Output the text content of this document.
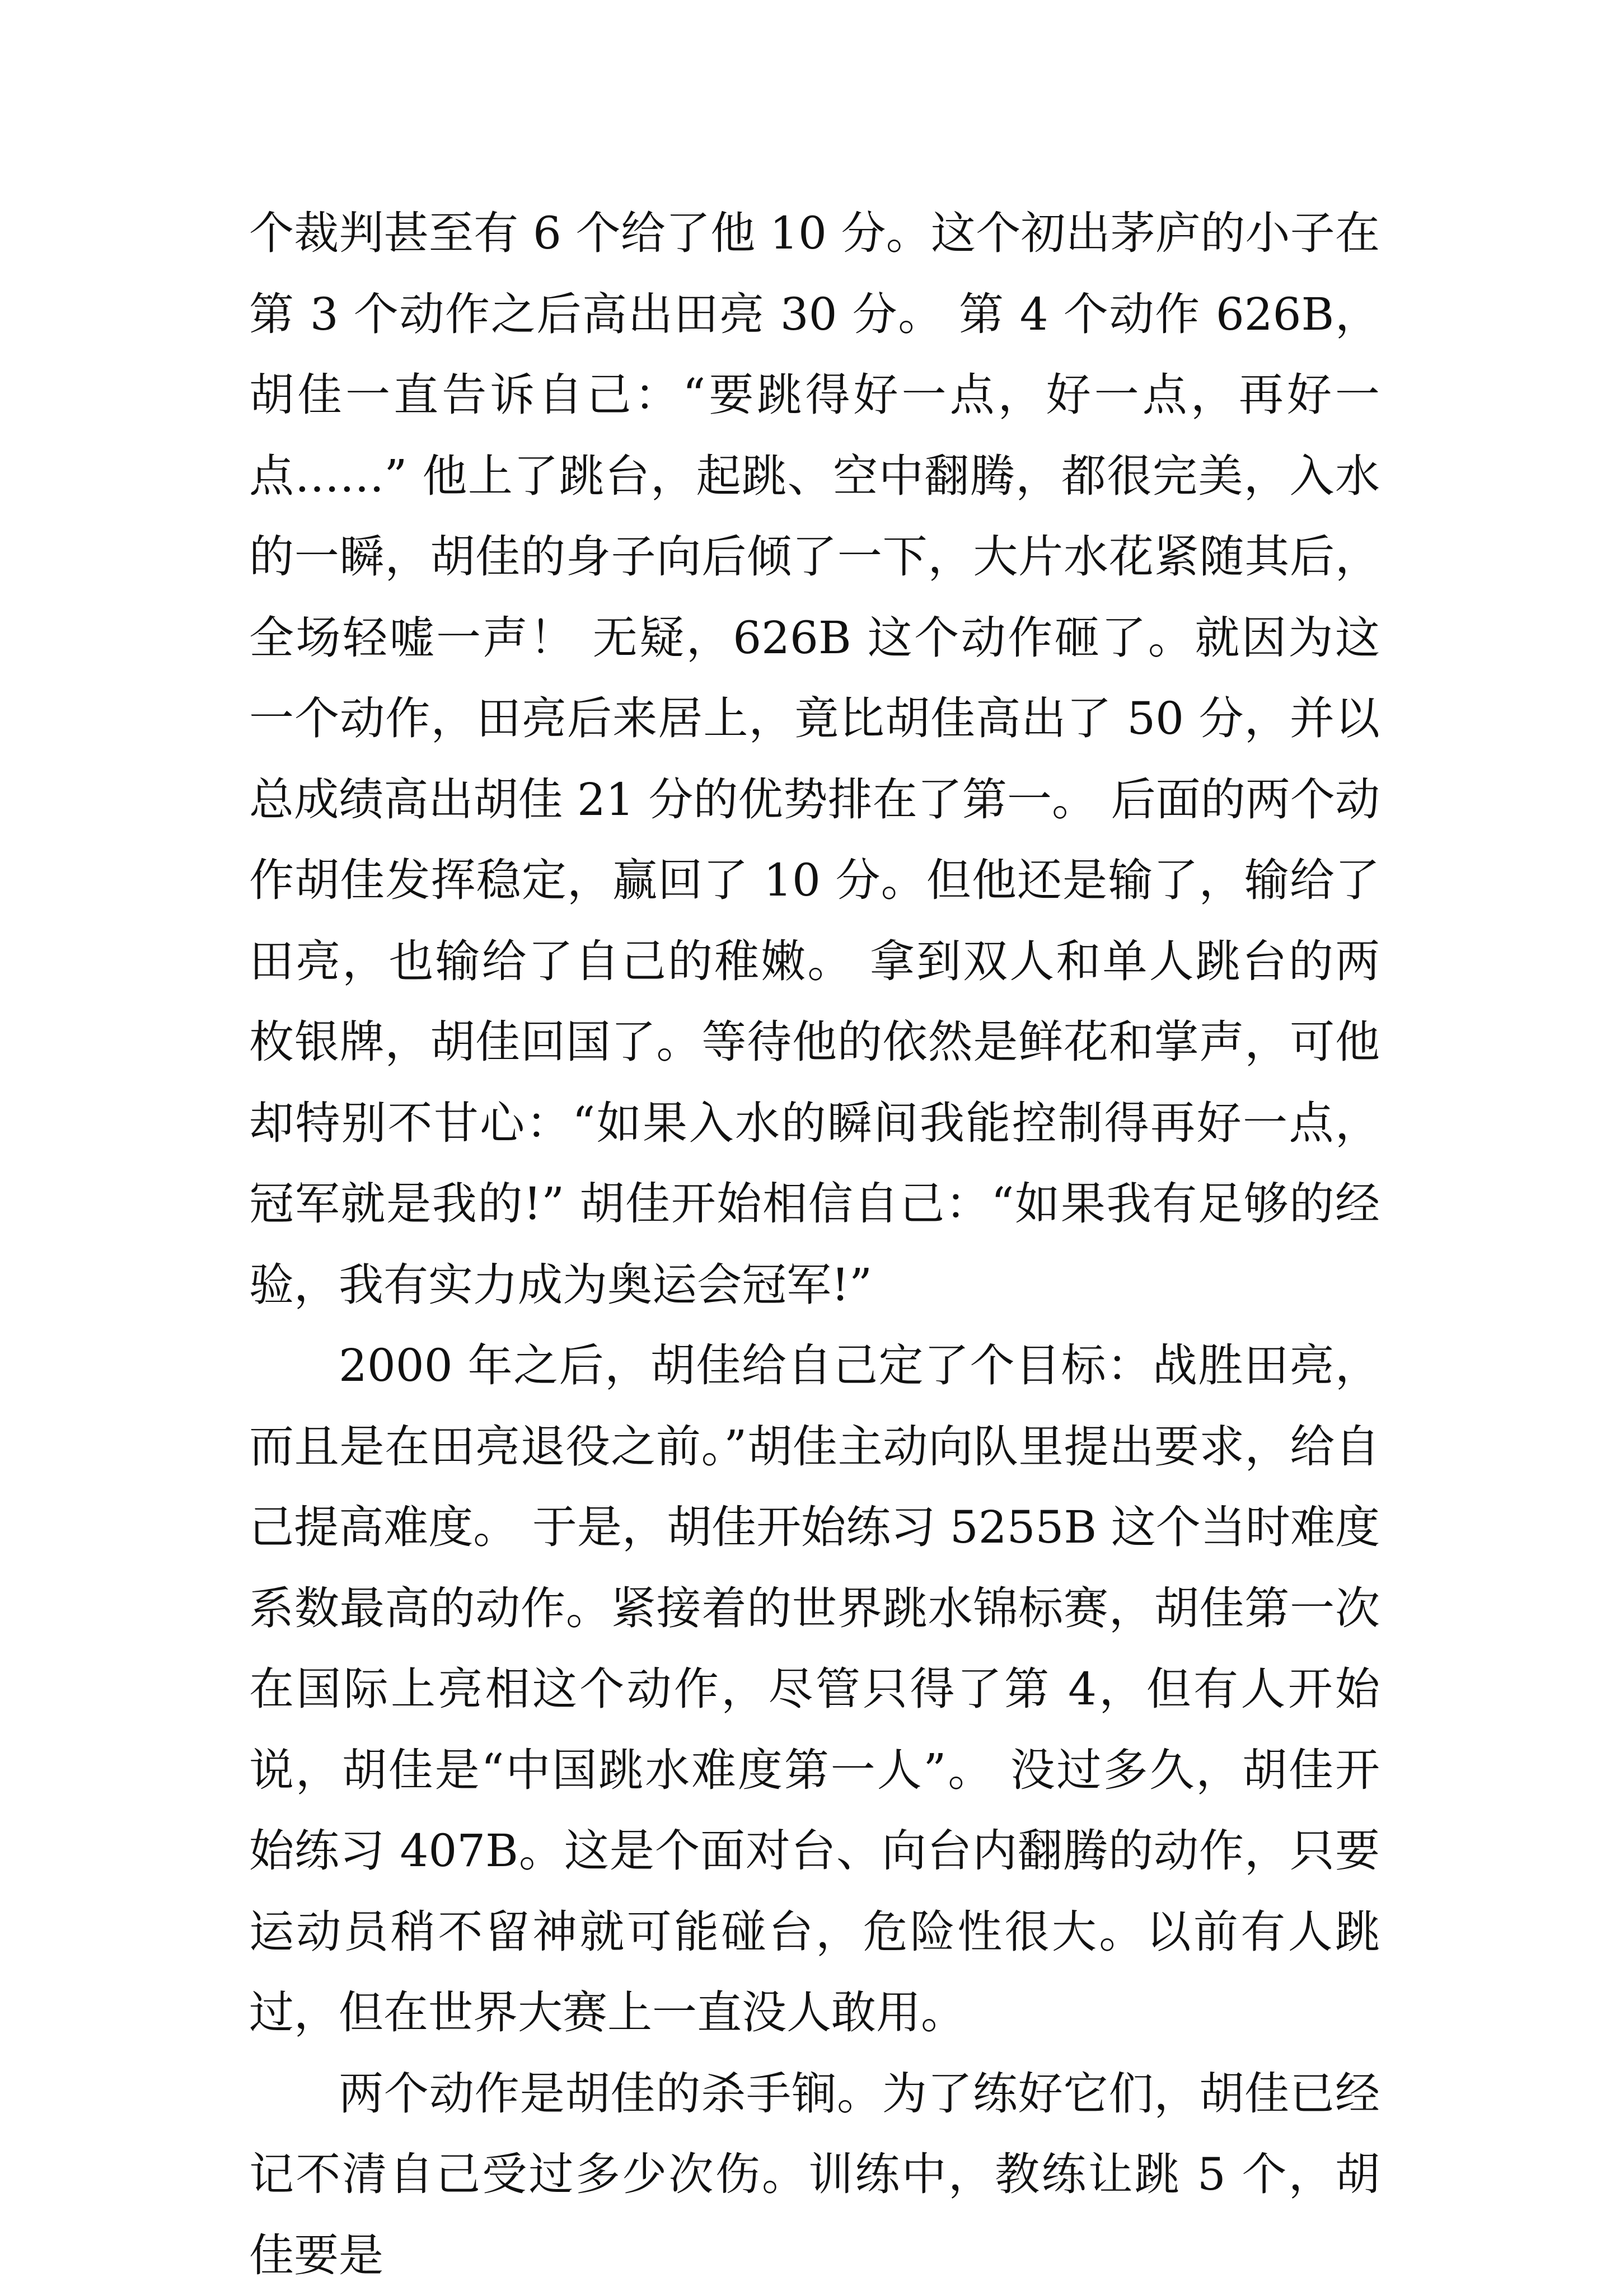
个裁判甚至有 6 个给了他 10 分。这个初出茅庐的小子在第 3 个动作之后高出田亮 30 分。 第 4 个动作 626B，胡佳一直告诉自己：“要跳得好一点，好一点，再好一点……” 他上了跳台，起跳、空中翻腾，都很完美，入水的一瞬，胡佳的身子向后倾了一下，大片水花紧随其后，全场轻嘘一声！ 无疑，626B 这个动作砸了。就因为这一个动作，田亮后来居上，竟比胡佳高出了 50 分，并以总成绩高出胡佳 21 分的优势排在了第一。 后面的两个动作胡佳发挥稳定，赢回了 10 分。但他还是输了，输给了田亮，也输给了自己的稚嫩。 拿到双人和单人跳台的两枚银牌，胡佳回国了。等待他的依然是鲜花和掌声，可他却特别不甘心：“如果入水的瞬间我能控制得再好一点，冠军就是我的!” 胡佳开始相信自己：“如果我有足够的经验，我有实力成为奥运会冠军!”

2000 年之后，胡佳给自己定了个目标：战胜田亮，而且是在田亮退役之前。”胡佳主动向队里提出要求，给自己提高难度。 于是，胡佳开始练习 5255B 这个当时难度系数最高的动作。紧接着的世界跳水锦标赛，胡佳第一次在国际上亮相这个动作，尽管只得了第 4，但有人开始说，胡佳是“中国跳水难度第一人”。 没过多久，胡佳开始练习 407B。这是个面对台、向台内翻腾的动作，只要运动员稍不留神就可能碰台，危险性很大。以前有人跳过，但在世界大赛上一直没人敢用。

两个动作是胡佳的杀手锏。为了练好它们，胡佳已经记不清自己受过多少次伤。训练中，教练让跳 5 个，胡佳要是
